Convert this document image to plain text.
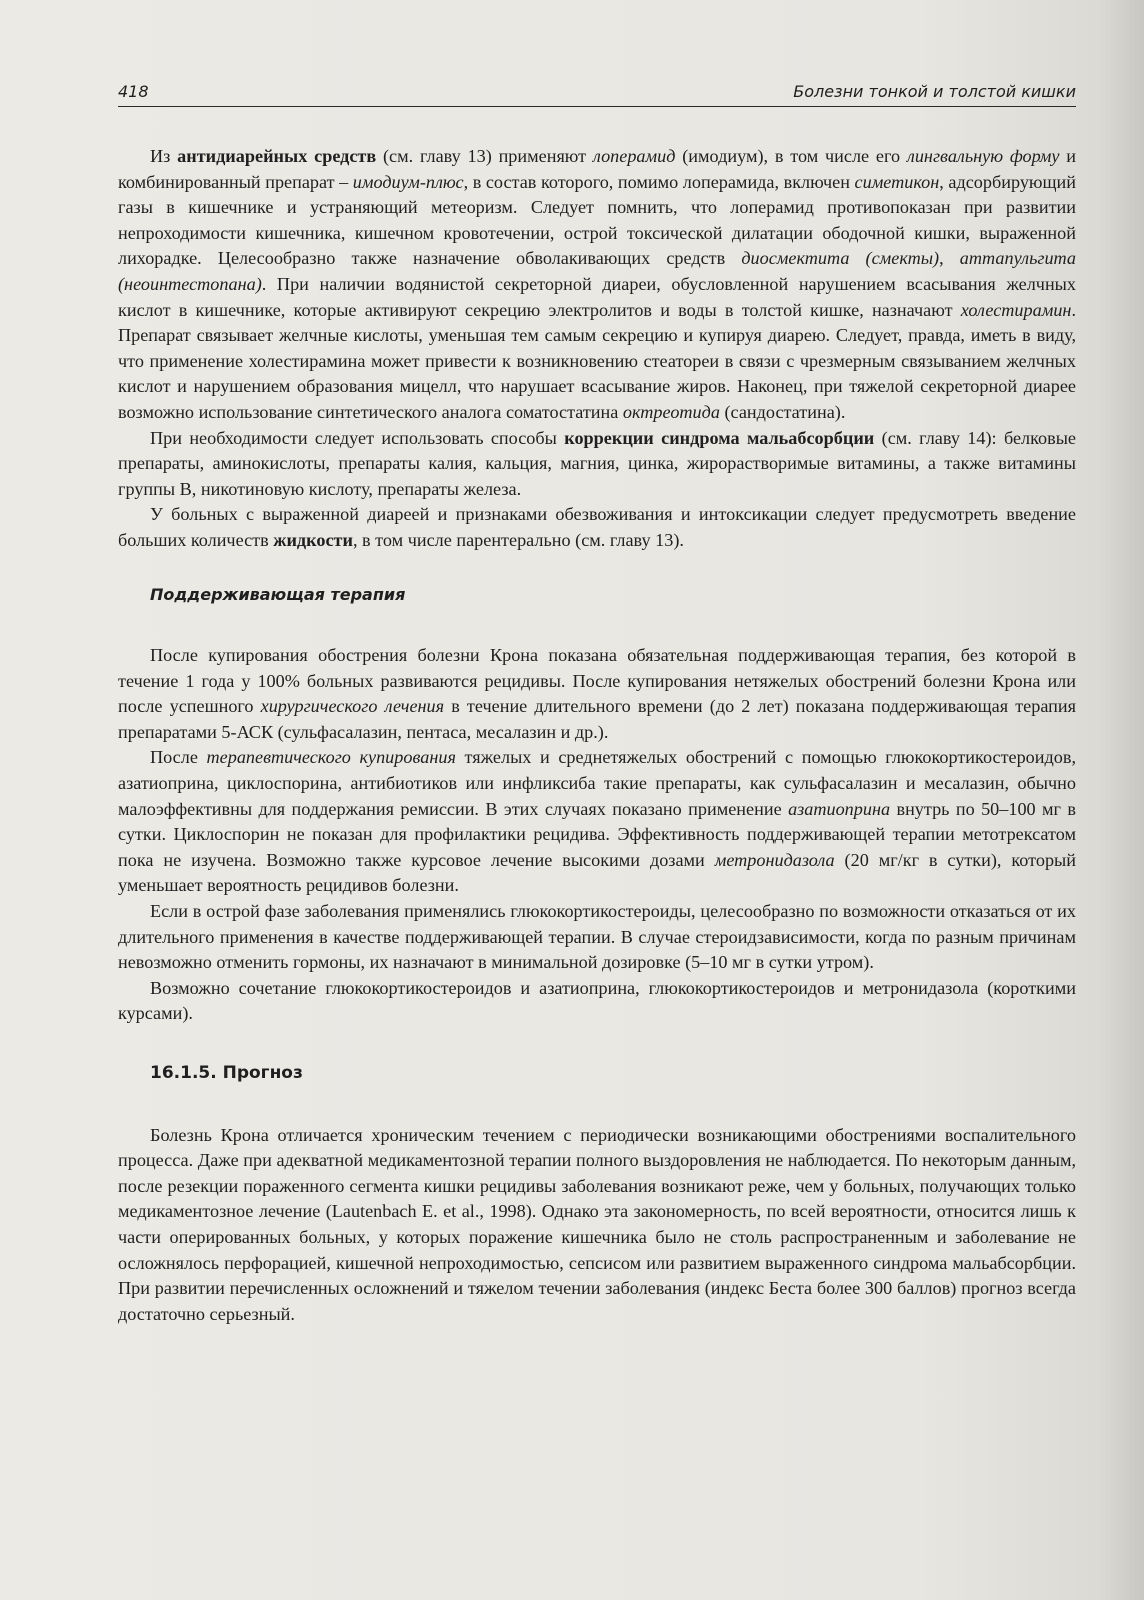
418	Болезни тонкой и толстой кишки

Из антидиарейных средств (см. главу 13) применяют лоперамид (имодиум), в том числе его лингвальную форму и комбинированный препарат – имодиум-плюс, в состав которого, помимо лоперамида, включен симетикон, адсорбирующий газы в кишечнике и устраняющий метеоризм. Следует помнить, что лоперамид противопоказан при развитии непроходимости кишечника, кишечном кровотечении, острой токсической дилатации ободочной кишки, выраженной лихорадке. Целесообразно также назначение обволакивающих средств диосмектита (смекты), аттапульгита (неоинтестопана). При наличии водянистой секреторной диареи, обусловленной нарушением всасывания желчных кислот в кишечнике, которые активируют секрецию электролитов и воды в толстой кишке, назначают холестирамин. Препарат связывает желчные кислоты, уменьшая тем самым секрецию и купируя диарею. Следует, правда, иметь в виду, что применение холестирамина может привести к возникновению стеатореи в связи с чрезмерным связыванием желчных кислот и нарушением образования мицелл, что нарушает всасывание жиров. Наконец, при тяжелой секреторной диарее возможно использование синтетического аналога соматостатина октреотида (сандостатина).

При необходимости следует использовать способы коррекции синдрома мальабсорбции (см. главу 14): белковые препараты, аминокислоты, препараты калия, кальция, магния, цинка, жирорастворимые витамины, а также витамины группы В, никотиновую кислоту, препараты железа.

У больных с выраженной диареей и признаками обезвоживания и интоксикации следует предусмотреть введение больших количеств жидкости, в том числе парентерально (см. главу 13).

Поддерживающая терапия

После купирования обострения болезни Крона показана обязательная поддерживающая терапия, без которой в течение 1 года у 100% больных развиваются рецидивы. После купирования нетяжелых обострений болезни Крона или после успешного хирургического лечения в течение длительного времени (до 2 лет) показана поддерживающая терапия препаратами 5-АСК (сульфасалазин, пентаса, месалазин и др.).

После терапевтического купирования тяжелых и среднетяжелых обострений с помощью глюкокортикостероидов, азатиоприна, циклоспорина, антибиотиков или инфликсиба такие препараты, как сульфасалазин и месалазин, обычно малоэффективны для поддержания ремиссии. В этих случаях показано применение азатиоприна внутрь по 50–100 мг в сутки. Циклоспорин не показан для профилактики рецидива. Эффективность поддерживающей терапии метотрексатом пока не изучена. Возможно также курсовое лечение высокими дозами метронидазола (20 мг/кг в сутки), который уменьшает вероятность рецидивов болезни.

Если в острой фазе заболевания применялись глюкокортикостероиды, целесообразно по возможности отказаться от их длительного применения в качестве поддерживающей терапии. В случае стероидзависимости, когда по разным причинам невозможно отменить гормоны, их назначают в минимальной дозировке (5–10 мг в сутки утром).

Возможно сочетание глюкокортикостероидов и азатиоприна, глюкокортикостероидов и метронидазола (короткими курсами).

16.1.5. Прогноз

Болезнь Крона отличается хроническим течением с периодически возникающими обострениями воспалительного процесса. Даже при адекватной медикаментозной терапии полного выздоровления не наблюдается. По некоторым данным, после резекции пораженного сегмента кишки рецидивы заболевания возникают реже, чем у больных, получающих только медикаментозное лечение (Lautenbach E. et al., 1998). Однако эта закономерность, по всей вероятности, относится лишь к части оперированных больных, у которых поражение кишечника было не столь распространенным и заболевание не осложнялось перфорацией, кишечной непроходимостью, сепсисом или развитием выраженного синдрома мальабсорбции. При развитии перечисленных осложнений и тяжелом течении заболевания (индекс Беста более 300 баллов) прогноз всегда достаточно серьезный.
